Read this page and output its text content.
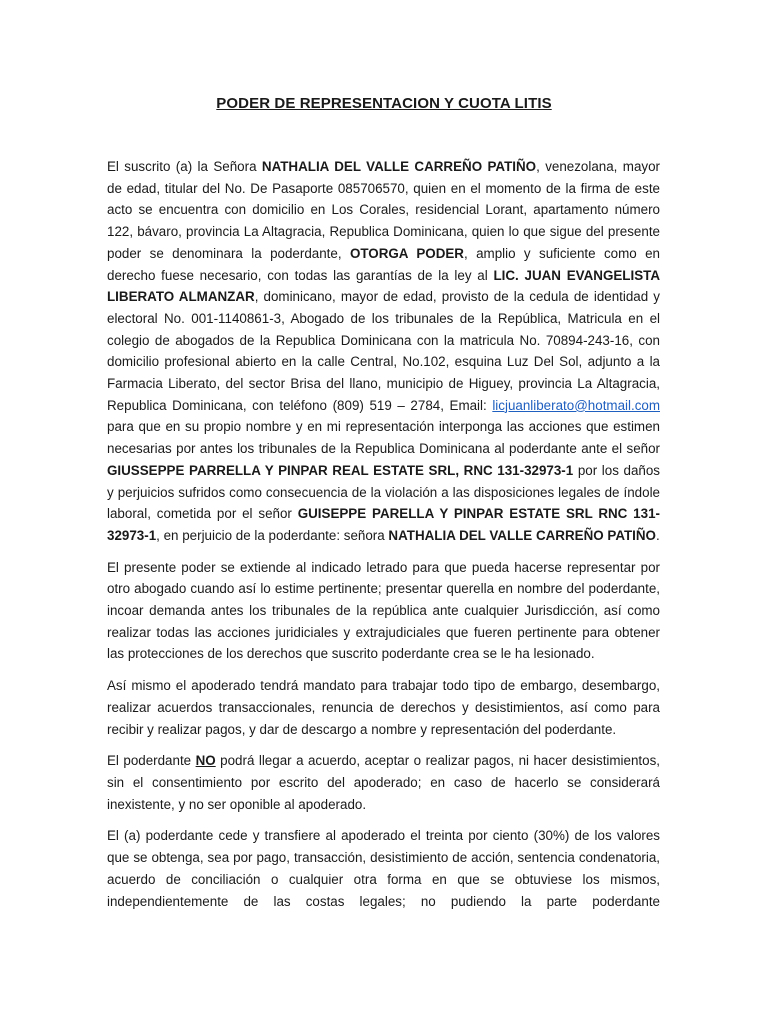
PODER DE REPRESENTACION Y CUOTA LITIS

El suscrito (a) la Señora NATHALIA DEL VALLE CARREÑO PATIÑO, venezolana, mayor de edad, titular del No. De Pasaporte 085706570, quien en el momento de la firma de este acto se encuentra con domicilio en Los Corales, residencial Lorant, apartamento número 122, bávaro, provincia La Altagracia, Republica Dominicana, quien lo que sigue del presente poder se denominara la poderdante, OTORGA PODER, amplio y suficiente como en derecho fuese necesario, con todas las garantías de la ley al LIC. JUAN EVANGELISTA LIBERATO ALMANZAR, dominicano, mayor de edad, provisto de la cedula de identidad y electoral No. 001-1140861-3, Abogado de los tribunales de la República, Matricula en el colegio de abogados de la Republica Dominicana con la matricula No. 70894-243-16, con domicilio profesional abierto en la calle Central, No.102, esquina Luz Del Sol, adjunto a la Farmacia Liberato, del sector Brisa del llano, municipio de Higuey, provincia La Altagracia, Republica Dominicana, con teléfono (809) 519 – 2784, Email: licjuanliberato@hotmail.com para que en su propio nombre y en mi representación interponga las acciones que estimen necesarias por antes los tribunales de la Republica Dominicana al poderdante ante el señor GIUSSEPPE PARRELLA Y PINPAR REAL ESTATE SRL, RNC 131-32973-1 por los daños y perjuicios sufridos como consecuencia de la violación a las disposiciones legales de índole laboral, cometida por el señor GUISEPPE PARELLA Y PINPAR ESTATE SRL RNC 131-32973-1, en perjuicio de la poderdante: señora NATHALIA DEL VALLE CARREÑO PATIÑO.

El presente poder se extiende al indicado letrado para que pueda hacerse representar por otro abogado cuando así lo estime pertinente; presentar querella en nombre del poderdante, incoar demanda antes los tribunales de la república ante cualquier Jurisdicción, así como realizar todas las acciones juridiciales y extrajudiciales que fueren pertinente para obtener las protecciones de los derechos que suscrito poderdante crea se le ha lesionado.

Así mismo el apoderado tendrá mandato para trabajar todo tipo de embargo, desembargo, realizar acuerdos transaccionales, renuncia de derechos y desistimientos, así como para recibir y realizar pagos, y dar de descargo a nombre y representación del poderdante.

El poderdante NO podrá llegar a acuerdo, aceptar o realizar pagos, ni hacer desistimientos, sin el consentimiento por escrito del apoderado; en caso de hacerlo se considerará inexistente, y no ser oponible al apoderado.

El (a) poderdante cede y transfiere al apoderado el treinta por ciento (30%) de los valores que se obtenga, sea por pago, transacción, desistimiento de acción, sentencia condenatoria, acuerdo de conciliación o cualquier otra forma en que se obtuviese los mismos, independientemente de las costas legales; no pudiendo la parte poderdante
